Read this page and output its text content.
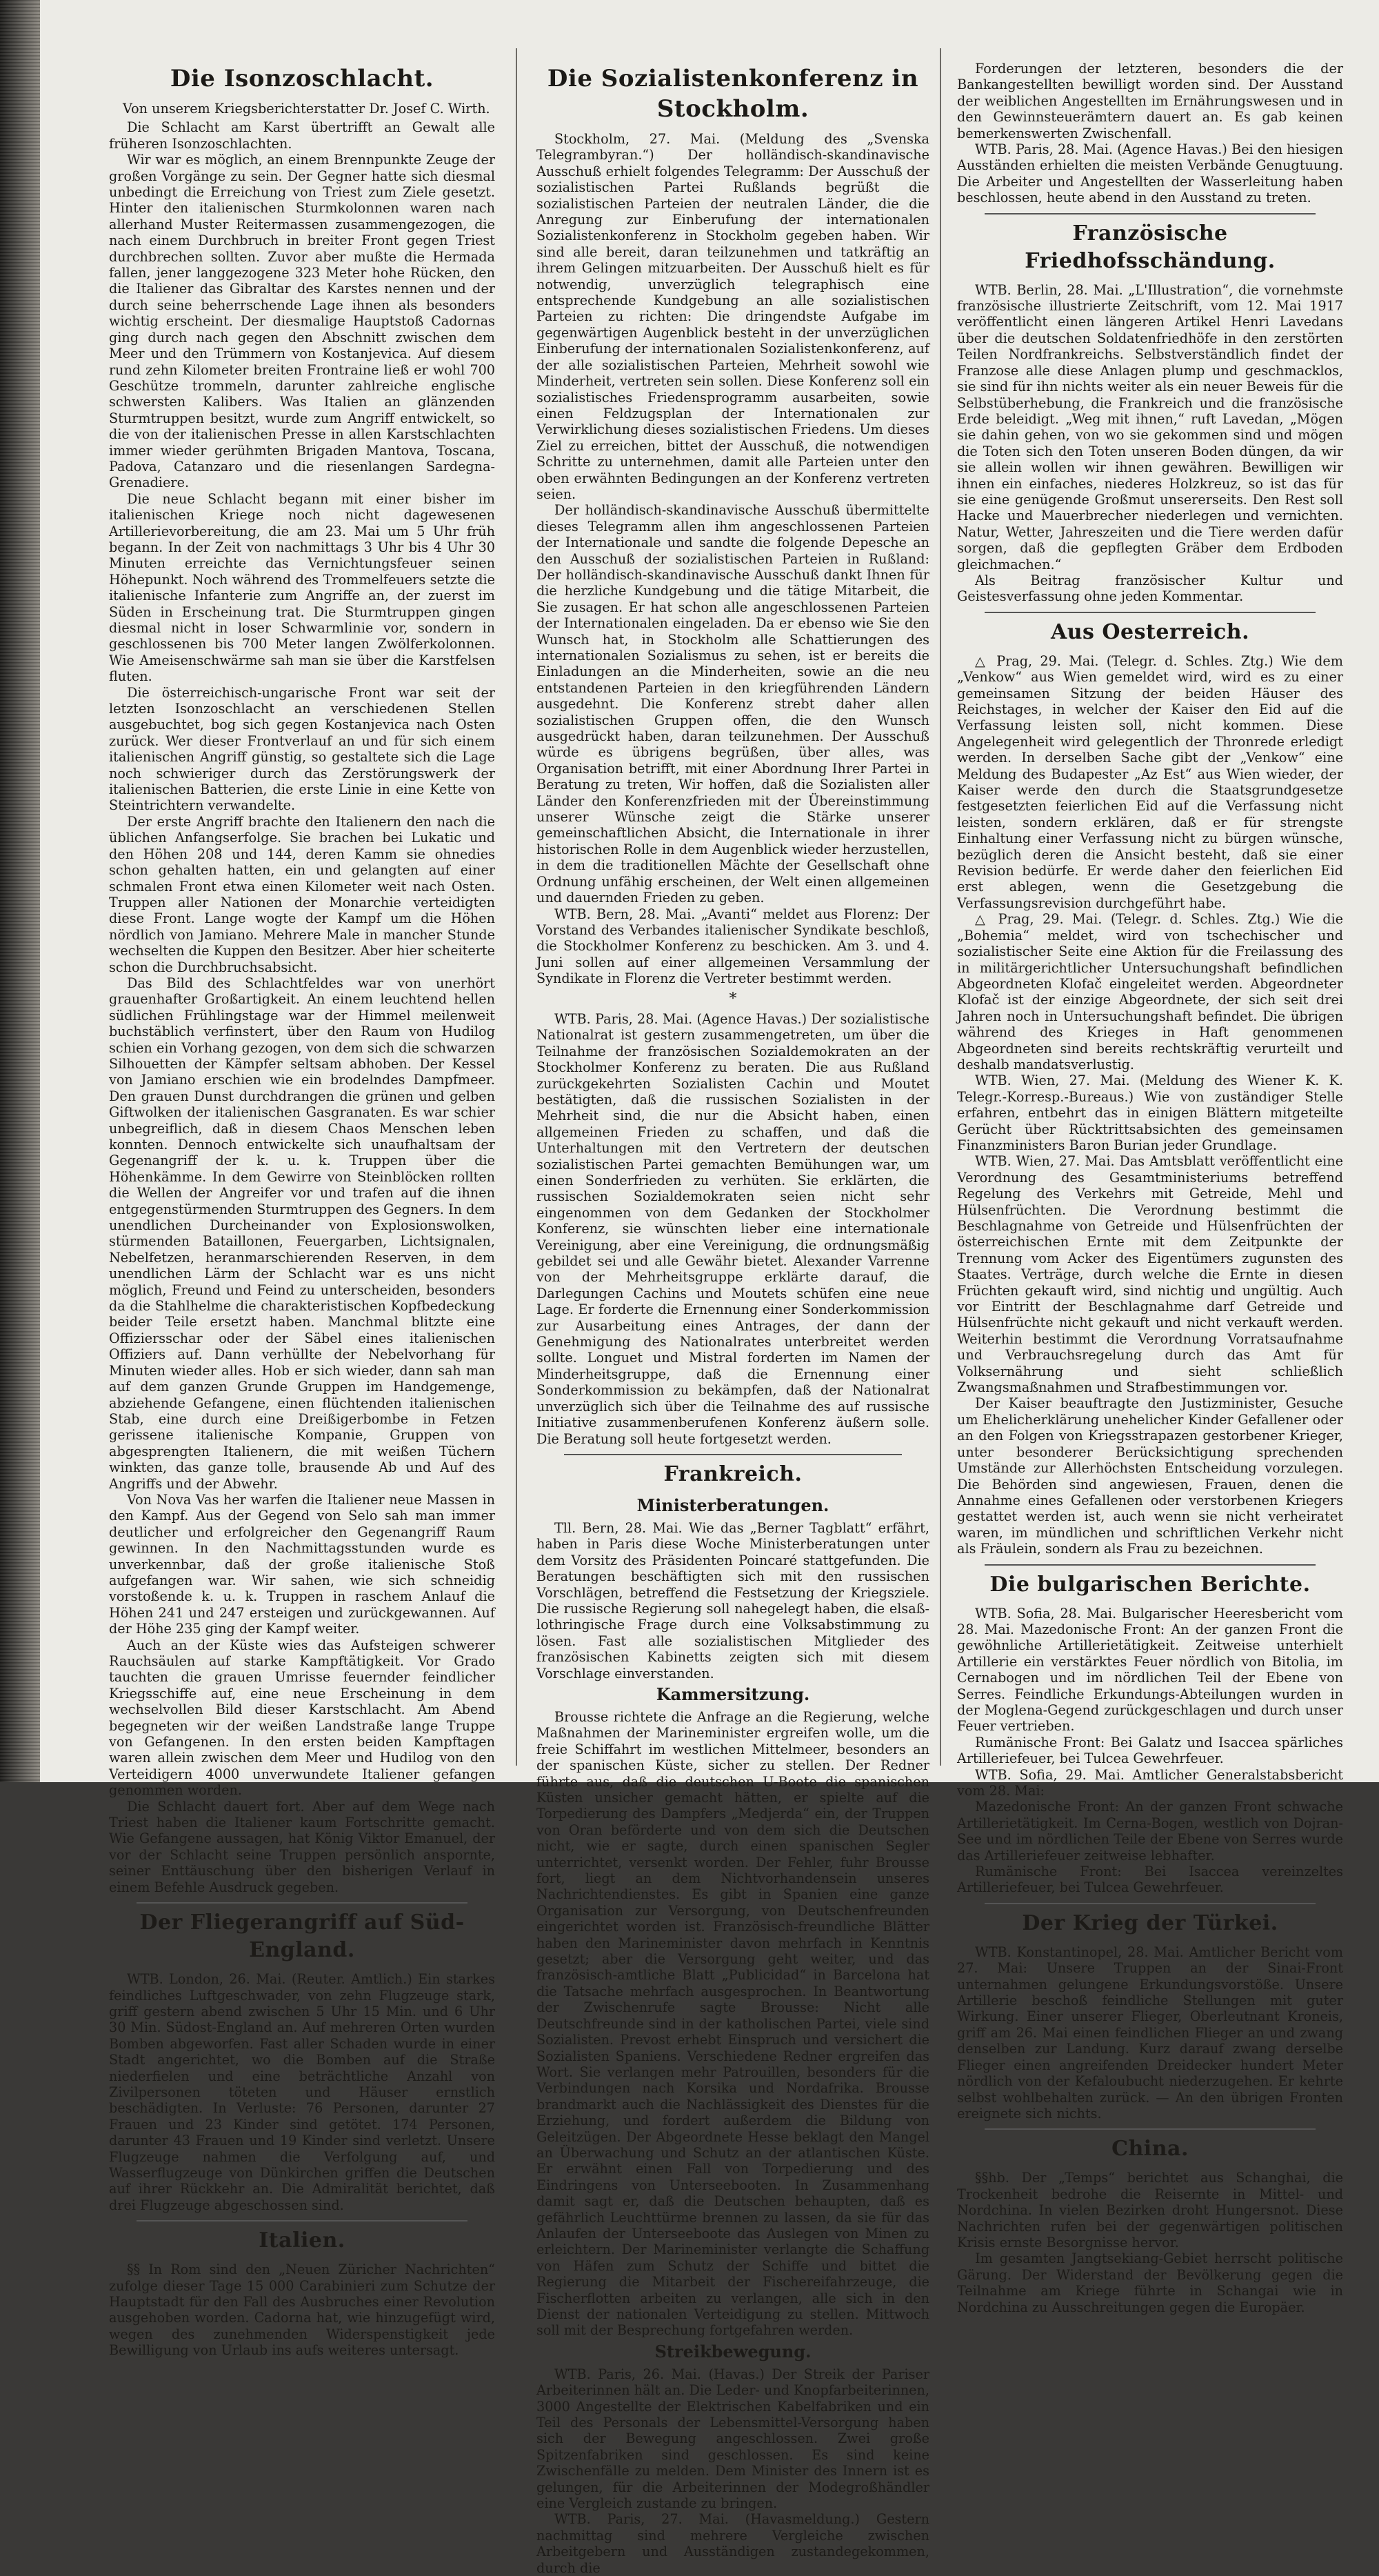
Die Isonzoschlacht.

Von unserem Kriegsberichterstatter Dr. Josef C. Wirth.

Die Schlacht am Karst übertrifft an Gewalt alle früheren Isonzoschlachten.

Wir war es möglich, an einem Brennpunkte Zeuge der großen Vorgänge zu sein. Der Gegner hatte sich diesmal unbedingt die Erreichung von Triest zum Ziele gesetzt. Hinter den italienischen Sturmkolonnen waren nach allerhand Muster Reitermassen zusammengezogen, die nach einem Durchbruch in breiter Front gegen Triest durchbrechen sollten. Zuvor aber mußte die Hermada fallen, jener langgezogene 323 Meter hohe Rücken, den die Italiener das Gibraltar des Karstes nennen und der durch seine beherrschende Lage ihnen als besonders wichtig erscheint. Der diesmalige Hauptstoß Cadornas ging durch nach gegen den Abschnitt zwischen dem Meer und den Trümmern von Kostanjevica. Auf diesem rund zehn Kilometer breiten Frontraine ließ er wohl 700 Geschütze trommeln, darunter zahlreiche englische schwersten Kalibers. Was Italien an glänzenden Sturmtruppen besitzt, wurde zum Angriff entwickelt, so die von der italienischen Presse in allen Karstschlachten immer wieder gerühmten Brigaden Mantova, Toscana, Padova, Catanzaro und die riesenlangen Sardegna-Grenadiere.

Die neue Schlacht begann mit einer bisher im italienischen Kriege noch nicht dagewesenen Artillerievorbereitung, die am 23. Mai um 5 Uhr früh begann. In der Zeit von nachmittags 3 Uhr bis 4 Uhr 30 Minuten erreichte das Vernichtungsfeuer seinen Höhepunkt. Noch während des Trommelfeuers setzte die italienische Infanterie zum Angriffe an, der zuerst im Süden in Erscheinung trat. Die Sturmtruppen gingen diesmal nicht in loser Schwarmlinie vor, sondern in geschlossenen bis 700 Meter langen Zwölferkolonnen. Wie Ameisenschwärme sah man sie über die Karstfelsen fluten.

Die österreichisch-ungarische Front war seit der letzten Isonzoschlacht an verschiedenen Stellen ausgebuchtet, bog sich gegen Kostanjevica nach Osten zurück. Wer dieser Frontverlauf an und für sich einem italienischen Angriff günstig, so gestaltete sich die Lage noch schwieriger durch das Zerstörungswerk der italienischen Batterien, die erste Linie in eine Kette von Steintrichtern verwandelte.

Der erste Angriff brachte den Italienern den nach die üblichen Anfangserfolge. Sie brachen bei Lukatic und den Höhen 208 und 144, deren Kamm sie ohnedies schon gehalten hatten, ein und gelangten auf einer schmalen Front etwa einen Kilometer weit nach Osten. Truppen aller Nationen der Monarchie verteidigten diese Front. Lange wogte der Kampf um die Höhen nördlich von Jamiano. Mehrere Male in mancher Stunde wechselten die Kuppen den Besitzer. Aber hier scheiterte schon die Durchbruchsabsicht.

Das Bild des Schlachtfeldes war von unerhört grauenhafter Großartigkeit. An einem leuchtend hellen südlichen Frühlingstage war der Himmel meilenweit buchstäblich verfinstert, über den Raum von Hudilog schien ein Vorhang gezogen, von dem sich die schwarzen Silhouetten der Kämpfer seltsam abhoben. Der Kessel von Jamiano erschien wie ein brodelndes Dampfmeer. Den grauen Dunst durchdrangen die grünen und gelben Giftwolken der italienischen Gasgranaten. Es war schier unbegreiflich, daß in diesem Chaos Menschen leben konnten. Dennoch entwickelte sich unaufhaltsam der Gegenangriff der k. u. k. Truppen über die Höhenkämme. In dem Gewirre von Steinblöcken rollten die Wellen der Angreifer vor und trafen auf die ihnen entgegenstürmenden Sturmtruppen des Gegners. In dem unendlichen Durcheinander von Explosionswolken, stürmenden Bataillonen, Feuergarben, Lichtsignalen, Nebelfetzen, heranmarschierenden Reserven, in dem unendlichen Lärm der Schlacht war es uns nicht möglich, Freund und Feind zu unterscheiden, besonders da die Stahlhelme die charakteristischen Kopfbedeckung beider Teile ersetzt haben. Manchmal blitzte eine Offiziersschar oder der Säbel eines italienischen Offiziers auf. Dann verhüllte der Nebelvorhang für Minuten wieder alles. Hob er sich wieder, dann sah man auf dem ganzen Grunde Gruppen im Handgemenge, abziehende Gefangene, einen flüchtenden italienischen Stab, eine durch eine Dreißigerbombe in Fetzen gerissene italienische Kompanie, Gruppen von abgesprengten Italienern, die mit weißen Tüchern winkten, das ganze tolle, brausende Ab und Auf des Angriffs und der Abwehr.

Von Nova Vas her warfen die Italiener neue Massen in den Kampf. Aus der Gegend von Selo sah man immer deutlicher und erfolgreicher den Gegenangriff Raum gewinnen. In den Nachmittagsstunden wurde es unverkennbar, daß der große italienische Stoß aufgefangen war. Wir sahen, wie sich schneidig vorstoßende k. u. k. Truppen in raschem Anlauf die Höhen 241 und 247 ersteigen und zurückgewannen. Auf der Höhe 235 ging der Kampf weiter.

Auch an der Küste wies das Aufsteigen schwerer Rauchsäulen auf starke Kampftätigkeit. Vor Grado tauchten die grauen Umrisse feuernder feindlicher Kriegsschiffe auf, eine neue Erscheinung in dem wechselvollen Bild dieser Karstschlacht. Am Abend begegneten wir der weißen Landstraße lange Truppe von Gefangenen. In den ersten beiden Kampftagen waren allein zwischen dem Meer und Hudilog von den Verteidigern 4000 unverwundete Italiener gefangen genommen worden.

Die Schlacht dauert fort. Aber auf dem Wege nach Triest haben die Italiener kaum Fortschritte gemacht. Wie Gefangene aussagen, hat König Viktor Emanuel, der vor der Schlacht seine Truppen persönlich anspornte, seiner Enttäuschung über den bisherigen Verlauf in einem Befehle Ausdruck gegeben.

Der Fliegerangriff auf Süd-England.

WTB. London, 26. Mai. (Reuter. Amtlich.) Ein starkes feindliches Luftgeschwader, von zehn Flugzeuge stark, griff gestern abend zwischen 5 Uhr 15 Min. und 6 Uhr 30 Min. Südost-England an. Auf mehreren Orten wurden Bomben abgeworfen. Fast aller Schaden wurde in einer Stadt angerichtet, wo die Bomben auf die Straße niederfielen und eine beträchtliche Anzahl von Zivilpersonen töteten und Häuser ernstlich beschädigten. In Verluste: 76 Personen, darunter 27 Frauen und 23 Kinder sind getötet. 174 Personen, darunter 43 Frauen und 19 Kinder sind verletzt. Unsere Flugzeuge nahmen die Verfolgung auf, und Wasserflugzeuge von Dünkirchen griffen die Deutschen auf ihrer Rückkehr an. Die Admiralität berichtet, daß drei Flugzeuge abgeschossen sind.

Italien.

§§ In Rom sind den „Neuen Züricher Nachrichten“ zufolge dieser Tage 15 000 Carabinieri zum Schutze der Hauptstadt für den Fall des Ausbruches einer Revolution ausgehoben worden. Cadorna hat, wie hinzugefügt wird, wegen des zunehmenden Widerspenstigkeit jede Bewilligung von Urlaub ins aufs weiteres untersagt.

Die Sozialistenkonferenz in Stockholm.

Stockholm, 27. Mai. (Meldung des „Svenska Telegrambyran.“) Der holländisch-skandinavische Ausschuß erhielt folgendes Telegramm: Der Ausschuß der sozialistischen Partei Rußlands begrüßt die sozialistischen Parteien der neutralen Länder, die die Anregung zur Einberufung der internationalen Sozialistenkonferenz in Stockholm gegeben haben. Wir sind alle bereit, daran teilzunehmen und tatkräftig an ihrem Gelingen mitzuarbeiten. Der Ausschuß hielt es für notwendig, unverzüglich telegraphisch eine entsprechende Kundgebung an alle sozialistischen Parteien zu richten: Die dringendste Aufgabe im gegenwärtigen Augenblick besteht in der unverzüglichen Einberufung der internationalen Sozialistenkonferenz, auf der alle sozialistischen Parteien, Mehrheit sowohl wie Minderheit, vertreten sein sollen. Diese Konferenz soll ein sozialistisches Friedensprogramm ausarbeiten, sowie einen Feldzugsplan der Internationalen zur Verwirklichung dieses sozialistischen Friedens. Um dieses Ziel zu erreichen, bittet der Ausschuß, die notwendigen Schritte zu unternehmen, damit alle Parteien unter den oben erwähnten Bedingungen an der Konferenz vertreten seien.

Der holländisch-skandinavische Ausschuß übermittelte dieses Telegramm allen ihm angeschlossenen Parteien der Internationale und sandte die folgende Depesche an den Ausschuß der sozialistischen Parteien in Rußland: Der holländisch-skandinavische Ausschuß dankt Ihnen für die herzliche Kundgebung und die tätige Mitarbeit, die Sie zusagen. Er hat schon alle angeschlossenen Parteien der Internationalen eingeladen. Da er ebenso wie Sie den Wunsch hat, in Stockholm alle Schattierungen des internationalen Sozialismus zu sehen, ist er bereits die Einladungen an die Minderheiten, sowie an die neu entstandenen Parteien in den kriegführenden Ländern ausgedehnt. Die Konferenz strebt daher allen sozialistischen Gruppen offen, die den Wunsch ausgedrückt haben, daran teilzunehmen. Der Ausschuß würde es übrigens begrüßen, über alles, was Organisation betrifft, mit einer Abordnung Ihrer Partei in Beratung zu treten, Wir hoffen, daß die Sozialisten aller Länder den Konferenzfrieden mit der Übereinstimmung unserer Wünsche zeigt die Stärke unserer gemeinschaftlichen Absicht, die Internationale in ihrer historischen Rolle in dem Augenblick wieder herzustellen, in dem die traditionellen Mächte der Gesellschaft ohne Ordnung unfähig erscheinen, der Welt einen allgemeinen und dauernden Frieden zu geben.

WTB. Bern, 28. Mai. „Avanti“ meldet aus Florenz: Der Vorstand des Verbandes italienischer Syndikate beschloß, die Stockholmer Konferenz zu beschicken. Am 3. und 4. Juni sollen auf einer allgemeinen Versammlung der Syndikate in Florenz die Vertreter bestimmt werden.

*

WTB. Paris, 28. Mai. (Agence Havas.) Der sozialistische Nationalrat ist gestern zusammengetreten, um über die Teilnahme der französischen Sozialdemokraten an der Stockholmer Konferenz zu beraten. Die aus Rußland zurückgekehrten Sozialisten Cachin und Moutet bestätigten, daß die russischen Sozialisten in der Mehrheit sind, die nur die Absicht haben, einen allgemeinen Frieden zu schaffen, und daß die Unterhaltungen mit den Vertretern der deutschen sozialistischen Partei gemachten Bemühungen war, um einen Sonderfrieden zu verhüten. Sie erklärten, die russischen Sozialdemokraten seien nicht sehr eingenommen von dem Gedanken der Stockholmer Konferenz, sie wünschten lieber eine internationale Vereinigung, aber eine Vereinigung, die ordnungsmäßig gebildet sei und alle Gewähr bietet. Alexander Varrenne von der Mehrheitsgruppe erklärte darauf, die Darlegungen Cachins und Moutets schüfen eine neue Lage. Er forderte die Ernennung einer Sonderkommission zur Ausarbeitung eines Antrages, der dann der Genehmigung des Nationalrates unterbreitet werden sollte. Longuet und Mistral forderten im Namen der Minderheitsgruppe, daß die Ernennung einer Sonderkommission zu bekämpfen, daß der Nationalrat unverzüglich sich über die Teilnahme des auf russische Initiative zusammenberufenen Konferenz äußern solle. Die Beratung soll heute fortgesetzt werden.

Frankreich.
Ministerberatungen.

Tll. Bern, 28. Mai. Wie das „Berner Tagblatt“ erfährt, haben in Paris diese Woche Ministerberatungen unter dem Vorsitz des Präsidenten Poincaré stattgefunden. Die Beratungen beschäftigten sich mit den russischen Vorschlägen, betreffend die Festsetzung der Kriegsziele. Die russische Regierung soll nahegelegt haben, die elsaß-lothringische Frage durch eine Volksabstimmung zu lösen. Fast alle sozialistischen Mitglieder des französischen Kabinetts zeigten sich mit diesem Vorschlage einverstanden.

Kammersitzung.

Brousse richtete die Anfrage an die Regierung, welche Maßnahmen der Marineminister ergreifen wolle, um die freie Schiffahrt im westlichen Mittelmeer, besonders an der spanischen Küste, sicher zu stellen. Der Redner führte aus, daß die deutschen U-Boote die spanischen Küsten unsicher gemacht hätten, er spielte auf die Torpedierung des Dampfers „Medjerda“ ein, der Truppen von Oran beförderte und von dem sich die Deutschen nicht, wie er sagte, durch einen spanischen Segler unterrichtet, versenkt worden. Der Fehler, fuhr Brousse fort, liegt an dem Nichtvorhandensein unseres Nachrichtendienstes. Es gibt in Spanien eine ganze Organisation zur Versorgung, von Deutschenfreunden eingerichtet worden ist. Französisch-freundliche Blätter haben den Marineminister davon mehrfach in Kenntnis gesetzt; aber die Versorgung geht weiter, und das französisch-amtliche Blatt „Publicidad“ in Barcelona hat die Tatsache mehrfach ausgesprochen. In Beantwortung der Zwischenrufe sagte Brousse: Nicht alle Deutschfreunde sind in der katholischen Partei, viele sind Sozialisten. Prevost erhebt Einspruch und versichert die Sozialisten Spaniens. Verschiedene Redner ergreifen das Wort. Sie verlangen mehr Patrouillen, besonders für die Verbindungen nach Korsika und Nordafrika. Brousse brandmarkt auch die Nachlässigkeit des Dienstes für die Erziehung, und fordert außerdem die Bildung von Geleitzügen. Der Abgeordnete Hesse beklagt den Mangel an Überwachung und Schutz an der atlantischen Küste. Er erwähnt einen Fall von Torpedierung und des Eindringens von Unterseebooten. In Zusammenhang damit sagt er, daß die Deutschen behaupten, daß es gefährlich Leuchttürme brennen zu lassen, da sie für das Anlaufen der Unterseeboote das Auslegen von Minen zu erleichtern. Der Marineminister verlangte die Schaffung von Häfen zum Schutz der Schiffe und bittet die Regierung die Mitarbeit der Fischereifahrzeuge, die Fischerflotten arbeiten zu verlangen, alle sich in den Dienst der nationalen Verteidigung zu stellen. Mittwoch soll mit der Besprechung fortgefahren werden.

Streikbewegung.

WTB. Paris, 26. Mai. (Havas.) Der Streik der Pariser Arbeiterinnen hält an. Die Leder- und Knopfarbeiterinnen, 3000 Angestellte der Elektrischen Kabelfabriken und ein Teil des Personals der Lebensmittel-Versorgung haben sich der Bewegung angeschlossen. Zwei große Spitzenfabriken sind geschlossen. Es sind keine Zwischenfälle zu melden. Dem Minister des Innern ist es gelungen, für die Arbeiterinnen der Modegroßhändler eine Vergleich zustande zu bringen.

WTB. Paris, 27. Mai. (Havasmeldung.) Gestern nachmittag sind mehrere Vergleiche zwischen Arbeitgebern und Ausständigen zustandegekommen, durch die

Forderungen der letzteren, besonders die der Bankangestellten bewilligt worden sind. Der Ausstand der weiblichen Angestellten im Ernährungswesen und in den Gewinnsteuerämtern dauert an. Es gab keinen bemerkenswerten Zwischenfall.

WTB. Paris, 28. Mai. (Agence Havas.) Bei den hiesigen Ausständen erhielten die meisten Verbände Genugtuung. Die Arbeiter und Angestellten der Wasserleitung haben beschlossen, heute abend in den Ausstand zu treten.

Französische Friedhofsschändung.

WTB. Berlin, 28. Mai. „L'Illustration“, die vornehmste französische illustrierte Zeitschrift, vom 12. Mai 1917 veröffentlicht einen längeren Artikel Henri Lavedans über die deutschen Soldatenfriedhöfe in den zerstörten Teilen Nordfrankreichs. Selbstverständlich findet der Franzose alle diese Anlagen plump und geschmacklos, sie sind für ihn nichts weiter als ein neuer Beweis für die Selbstüberhebung, die Frankreich und die französische Erde beleidigt. „Weg mit ihnen,“ ruft Lavedan, „Mögen sie dahin gehen, von wo sie gekommen sind und mögen die Toten sich den Toten unseren Boden düngen, da wir sie allein wollen wir ihnen gewähren. Bewilligen wir ihnen ein einfaches, niederes Holzkreuz, so ist das für sie eine genügende Großmut unsererseits. Den Rest soll Hacke und Mauerbrecher niederlegen und vernichten. Natur, Wetter, Jahreszeiten und die Tiere werden dafür sorgen, daß die gepflegten Gräber dem Erdboden gleichmachen.“

Als Beitrag französischer Kultur und Geistesverfassung ohne jeden Kommentar.

Aus Oesterreich.

△ Prag, 29. Mai. (Telegr. d. Schles. Ztg.) Wie dem „Venkow“ aus Wien gemeldet wird, wird es zu einer gemeinsamen Sitzung der beiden Häuser des Reichstages, in welcher der Kaiser den Eid auf die Verfassung leisten soll, nicht kommen. Diese Angelegenheit wird gelegentlich der Thronrede erledigt werden. In derselben Sache gibt der „Venkow“ eine Meldung des Budapester „Az Est“ aus Wien wieder, der Kaiser werde den durch die Staatsgrundgesetze festgesetzten feierlichen Eid auf die Verfassung nicht leisten, sondern erklären, daß er für strengste Einhaltung einer Verfassung nicht zu bürgen wünsche, bezüglich deren die Ansicht besteht, daß sie einer Revision bedürfe. Er werde daher den feierlichen Eid erst ablegen, wenn die Gesetzgebung die Verfassungsrevision durchgeführt habe.

△ Prag, 29. Mai. (Telegr. d. Schles. Ztg.) Wie die „Bohemia“ meldet, wird von tschechischer und sozialistischer Seite eine Aktion für die Freilassung des in militärgerichtlicher Untersuchungshaft befindlichen Abgeordneten Klofač eingeleitet werden. Abgeordneter Klofač ist der einzige Abgeordnete, der sich seit drei Jahren noch in Untersuchungshaft befindet. Die übrigen während des Krieges in Haft genommenen Abgeordneten sind bereits rechtskräftig verurteilt und deshalb mandatsverlustig.

WTB. Wien, 27. Mai. (Meldung des Wiener K. K. Telegr.-Korresp.-Bureaus.) Wie von zuständiger Stelle erfahren, entbehrt das in einigen Blättern mitgeteilte Gerücht über Rücktrittsabsichten des gemeinsamen Finanzministers Baron Burian jeder Grundlage.

WTB. Wien, 27. Mai. Das Amtsblatt veröffentlicht eine Verordnung des Gesamtministeriums betreffend Regelung des Verkehrs mit Getreide, Mehl und Hülsenfrüchten. Die Verordnung bestimmt die Beschlagnahme von Getreide und Hülsenfrüchten der österreichischen Ernte mit dem Zeitpunkte der Trennung vom Acker des Eigentümers zugunsten des Staates. Verträge, durch welche die Ernte in diesen Früchten gekauft wird, sind nichtig und ungültig. Auch vor Eintritt der Beschlagnahme darf Getreide und Hülsenfrüchte nicht gekauft und nicht verkauft werden. Weiterhin bestimmt die Verordnung Vorratsaufnahme und Verbrauchsregelung durch das Amt für Volksernährung und sieht schließlich Zwangsmaßnahmen und Strafbestimmungen vor.

Der Kaiser beauftragte den Justizminister, Gesuche um Ehelicherklärung unehelicher Kinder Gefallener oder an den Folgen von Kriegsstrapazen gestorbener Krieger, unter besonderer Berücksichtigung sprechenden Umstände zur Allerhöchsten Entscheidung vorzulegen. Die Behörden sind angewiesen, Frauen, denen die Annahme eines Gefallenen oder verstorbenen Kriegers gestattet werden ist, auch wenn sie nicht verheiratet waren, im mündlichen und schriftlichen Verkehr nicht als Fräulein, sondern als Frau zu bezeichnen.

Die bulgarischen Berichte.

WTB. Sofia, 28. Mai. Bulgarischer Heeresbericht vom 28. Mai. Mazedonische Front: An der ganzen Front die gewöhnliche Artillerietätigkeit. Zeitweise unterhielt Artillerie ein verstärktes Feuer nördlich von Bitolia, im Cernabogen und im nördlichen Teil der Ebene von Serres. Feindliche Erkundungs-Abteilungen wurden in der Moglena-Gegend zurückgeschlagen und durch unser Feuer vertrieben.

Rumänische Front: Bei Galatz und Isaccea spärliches Artilleriefeuer, bei Tulcea Gewehrfeuer.

WTB. Sofia, 29. Mai. Amtlicher Generalstabsbericht vom 28. Mai:

Mazedonische Front: An der ganzen Front schwache Artillerietätigkeit. Im Cerna-Bogen, westlich von Dojran-See und im nördlichen Teile der Ebene von Serres wurde das Artilleriefeuer zeitweise lebhafter.

Rumänische Front: Bei Isaccea vereinzeltes Artilleriefeuer, bei Tulcea Gewehrfeuer.

Der Krieg der Türkei.

WTB. Konstantinopel, 28. Mai. Amtlicher Bericht vom 27. Mai: Unsere Truppen an der Sinai-Front unternahmen gelungene Erkundungsvorstöße. Unsere Artillerie beschoß feindliche Stellungen mit guter Wirkung. Einer unserer Flieger, Oberleutnant Kroneis, griff am 26. Mai einen feindlichen Flieger an und zwang denselben zur Landung. Kurz darauf zwang derselbe Flieger einen angreifenden Dreidecker hundert Meter nördlich von der Kefaloubucht niederzugehen. Er kehrte selbst wohlbehalten zurück. — An den übrigen Fronten ereignete sich nichts.

China.

§§hb. Der „Temps“ berichtet aus Schanghai, die Trockenheit bedrohe die Reisernte in Mittel- und Nordchina. In vielen Bezirken droht Hungersnot. Diese Nachrichten rufen bei der gegenwärtigen politischen Krisis ernste Besorgnisse hervor.

Im gesamten Jangtsekiang-Gebiet herrscht politische Gärung. Der Widerstand der Bevölkerung gegen die Teilnahme am Kriege führte in Schangai wie in Nordchina zu Ausschreitungen gegen die Europäer.
